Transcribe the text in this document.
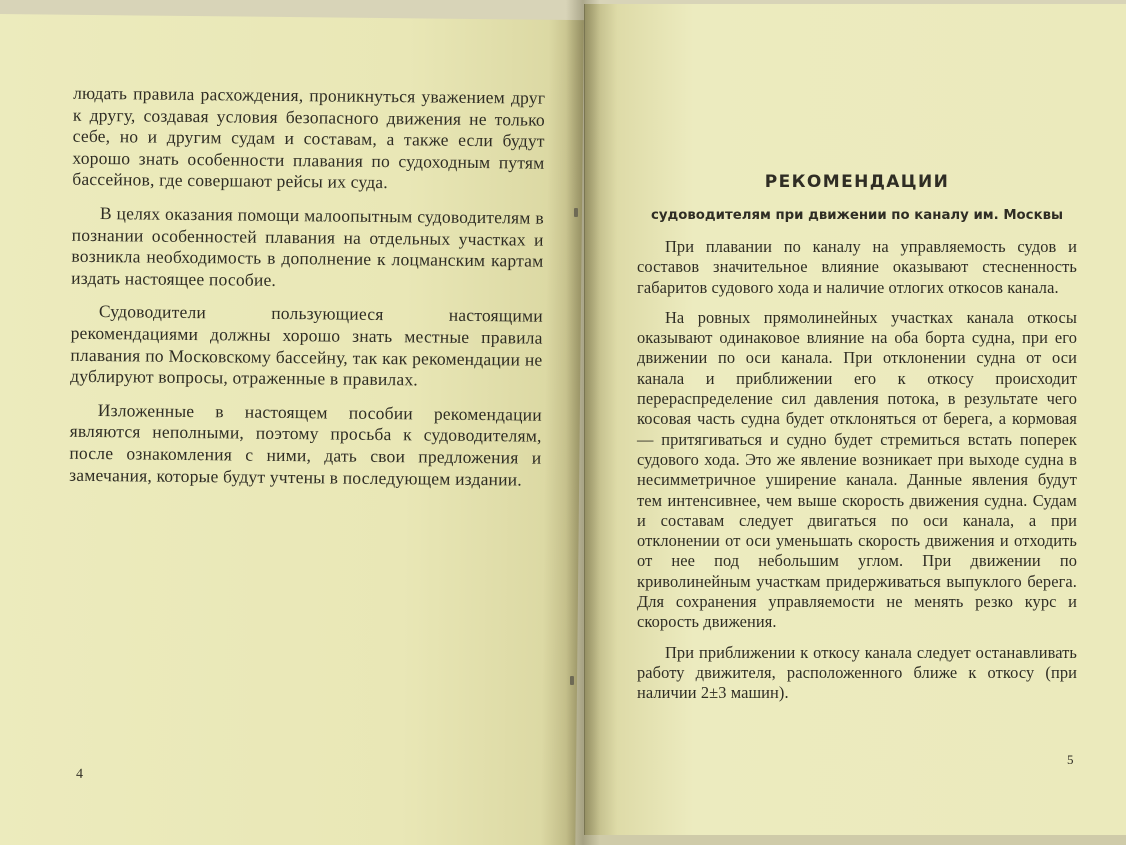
людать правила расхождения, проникнуться уважением друг к другу, создавая условия безопасного движения не только себе, но и другим судам и составам, а также если будут хорошо знать особенности плавания по судоходным путям бассейнов, где совершают рейсы их суда.

В целях оказания помощи малоопытным судоводителям в познании особенностей плавания на отдельных участках и возникла необходимость в дополнение к лоцманским картам издать настоящее пособие.

Судоводители пользующиеся настоящими рекомендациями должны хорошо знать местные правила плавания по Московскому бассейну, так как рекомендации не дублируют вопросы, отраженные в правилах.

Изложенные в настоящем пособии рекомендации являются неполными, поэтому просьба к судоводителям, после ознакомления с ними, дать свои предложения и замечания, которые будут учтены в последующем издании.

4
РЕКОМЕНДАЦИИ
судоводителям при движении по каналу им. Москвы

При плавании по каналу на управляемость судов и составов значительное влияние оказывают стесненность габаритов судового хода и наличие отлогих откосов канала.

На ровных прямолинейных участках канала откосы оказывают одинаковое влияние на оба борта судна, при его движении по оси канала. При отклонении судна от оси канала и приближении его к откосу происходит перераспределение сил давления потока, в результате чего косовая часть судна будет отклоняться от берега, а кормовая — притягиваться и судно будет стремиться встать поперек судового хода. Это же явление возникает при выходе судна в несимметричное уширение канала. Данные явления будут тем интенсивнее, чем выше скорость движения судна. Судам и составам следует двигаться по оси канала, а при отклонении от оси уменьшать скорость движения и отходить от нее под небольшим углом. При движении по криволинейным участкам придерживаться выпуклого берега. Для сохранения управляемости не менять резко курс и скорость движения.

При приближении к откосу канала следует останавливать работу движителя, расположенного ближе к откосу (при наличии 2±3 машин).

5
